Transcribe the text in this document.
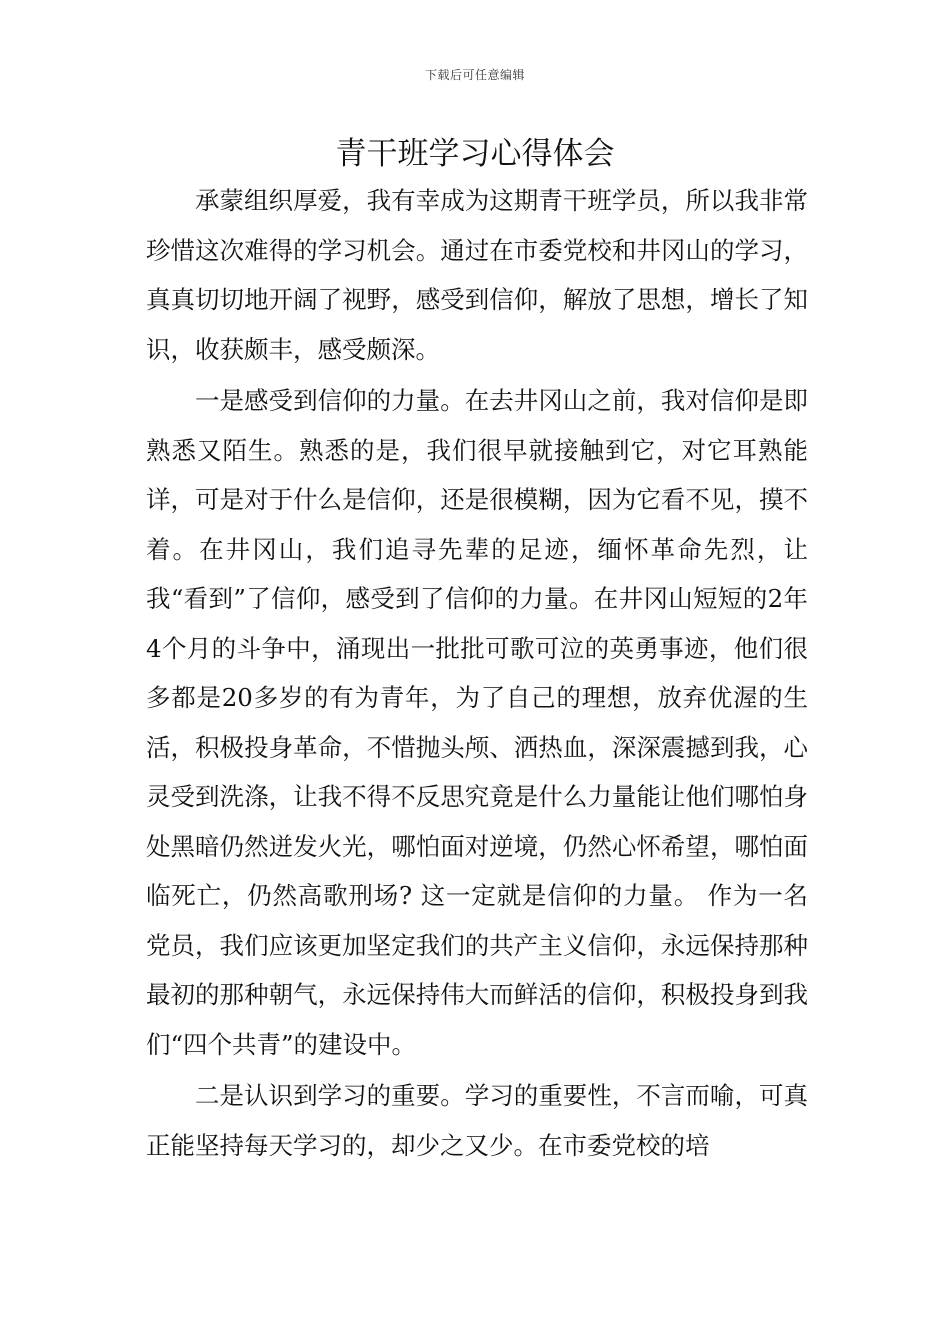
下载后可任意编辑
青干班学习心得体会

承蒙组织厚爱，我有幸成为这期青干班学员，所以我非常珍惜这次难得的学习机会。通过在市委党校和井冈山的学习，真真切切地开阔了视野，感受到信仰，解放了思想，增长了知识，收获颇丰，感受颇深。

一是感受到信仰的力量。在去井冈山之前，我对信仰是即熟悉又陌生。熟悉的是，我们很早就接触到它，对它耳熟能详，可是对于什么是信仰，还是很模糊，因为它看不见，摸不着。在井冈山，我们追寻先辈的足迹，缅怀革命先烈，让我“看到”了信仰，感受到了信仰的力量。在井冈山短短的2年4个月的斗争中，涌现出一批批可歌可泣的英勇事迹，他们很多都是20多岁的有为青年，为了自己的理想，放弃优渥的生活，积极投身革命，不惜抛头颅、洒热血，深深震撼到我，心灵受到洗涤，让我不得不反思究竟是什么力量能让他们哪怕身处黑暗仍然迸发火光，哪怕面对逆境，仍然心怀希望，哪怕面临死亡，仍然高歌刑场? 这一定就是信仰的力量。 作为一名党员，我们应该更加坚定我们的共产主义信仰，永远保持那种最初的那种朝气，永远保持伟大而鲜活的信仰，积极投身到我们“四个共青”的建设中。

二是认识到学习的重要。学习的重要性，不言而喻，可真正能坚持每天学习的，却少之又少。在市委党校的培
